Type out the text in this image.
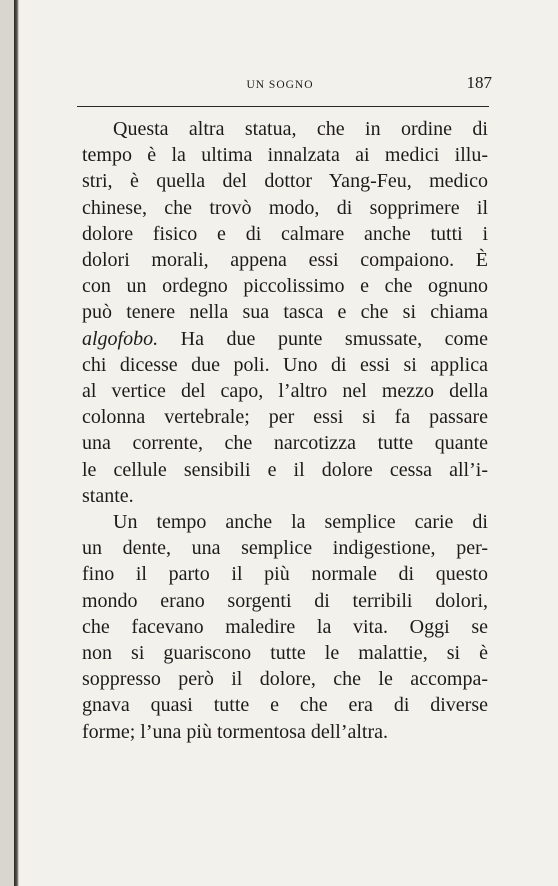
UN SOGNO	187

Questa altra statua, che in ordine di
tempo è la ultima innalzata ai medici illu-
stri, è quella del dottor Yang-Feu, medico
chinese, che trovò modo, di sopprimere il
dolore fisico e di calmare anche tutti i
dolori morali, appena essi compaiono. È
con un ordegno piccolissimo e che ognuno
può tenere nella sua tasca e che si chiama
algofobo. Ha due punte smussate, come
chi dicesse due poli. Uno di essi si applica
al vertice del capo, l’altro nel mezzo della
colonna vertebrale; per essi si fa passare
una corrente, che narcotizza tutte quante
le cellule sensibili e il dolore cessa all’i-
stante.

Un tempo anche la semplice carie di
un dente, una semplice indigestione, per-
fino il parto il più normale di questo
mondo erano sorgenti di terribili dolori,
che facevano maledire la vita. Oggi se
non si guariscono tutte le malattie, si è
soppresso però il dolore, che le accompa-
gnava quasi tutte e che era di diverse
forme; l’una più tormentosa dell’altra.
